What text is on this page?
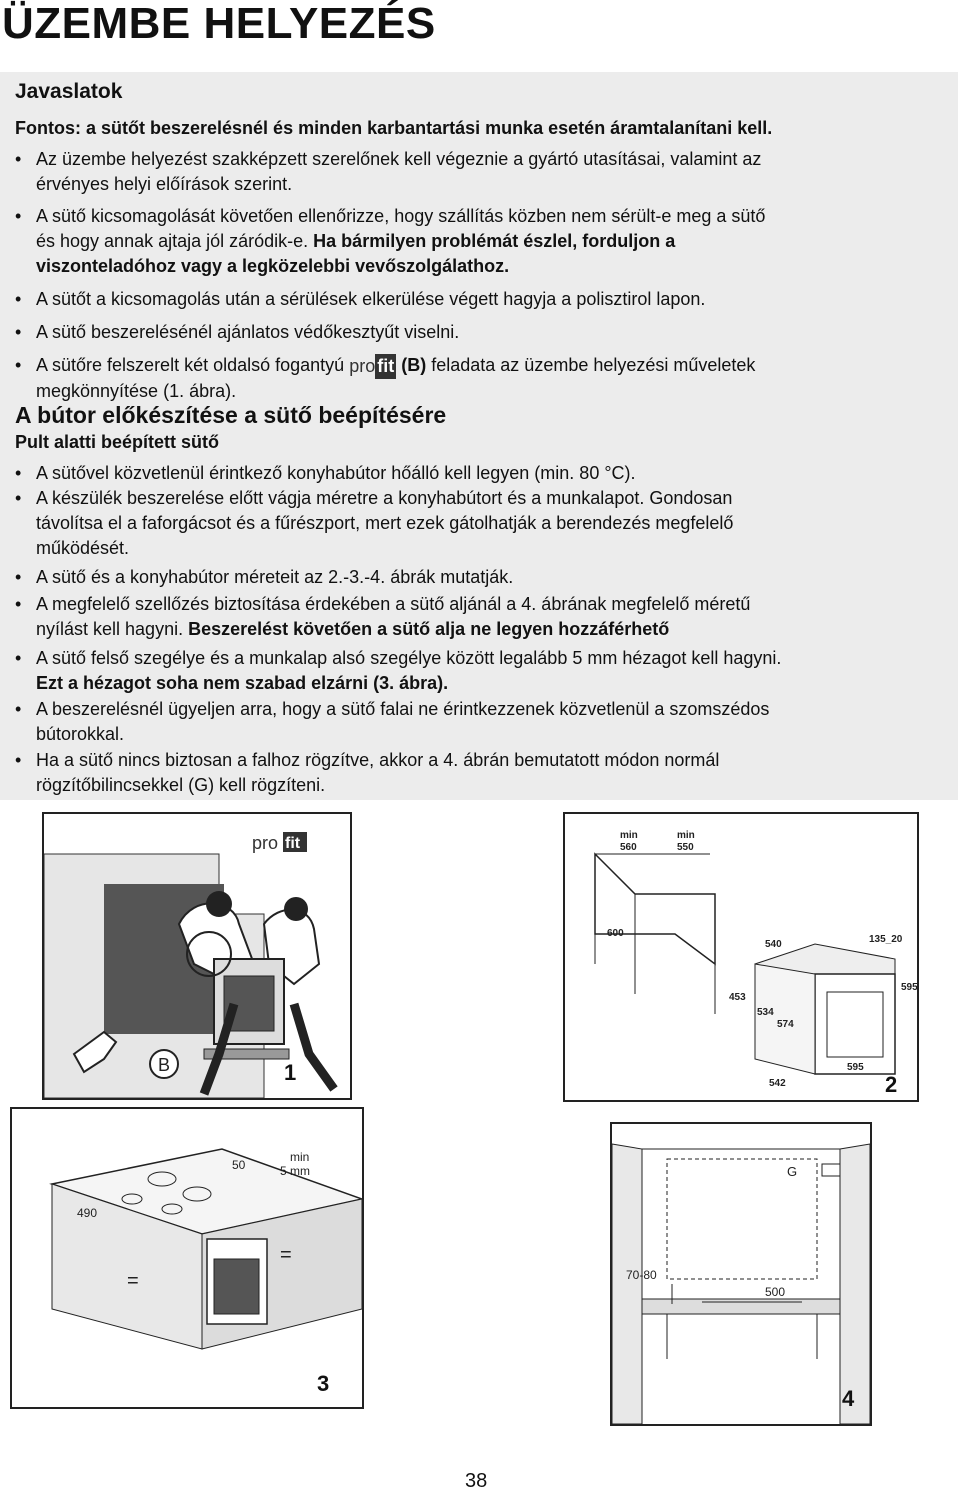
ÜZEMBE HELYEZÉS
Javaslatok
Fontos: a sütőt beszerelésnél és minden karbantartási munka esetén áramtalanítani kell.
• Az üzembe helyezést szakképzett szerelőnek kell végeznie a gyártó utasításai, valamint az
érvényes helyi előírások szerint.
• A sütő kicsomagolását követően ellenőrizze, hogy szállítás közben nem sérült-e meg a sütő
és hogy annak ajtaja jól záródik-e. Ha bármilyen problémát észlel, forduljon a
viszonteladóhoz vagy a legközelebbi vevőszolgálathoz.
• A sütőt a kicsomagolás után a sérülések elkerülése végett hagyja a polisztirol lapon.
• A sütő beszerelésénél ajánlatos védőkesztyűt viselni.
• A sütőre felszerelt két oldalsó fogantyú pro fit (B) feladata az üzembe helyezési műveletek
megkönnyítése (1. ábra).
A bútor előkészítése a sütő beépítésére
Pult alatti beépített sütő
• A sütővel közvetlenül érintkező konyhabútor hőálló kell legyen (min. 80 °C).
• A készülék beszerelése előtt vágja méretre a konyhabútort és a munkalapot. Gondosan
távolítsa el a faforgácsot és a fűrészport, mert ezek gátolhatják a berendezés megfelelő
működését.
• A sütő és a konyhabútor méreteit az 2.-3.-4. ábrák mutatják.
• A megfelelő szellőzés biztosítása érdekében a sütő aljánál a 4. ábrának megfelelő méretű
nyílást kell hagyni. Beszerelést követően a sütő alja ne legyen hozzáférhető
• A sütő felső szegélye és a munkalap alsó szegélye között legalább 5 mm hézagot kell hagyni.
Ezt a hézagot soha nem szabad elzárni (3. ábra).
• A beszerelésnél ügyeljen arra, hogy a sütő falai ne érintkezzenek közvetlenül a szomszédos
bútorokkal.
• Ha a sütő nincs biztosan a falhoz rögzítve, akkor a 4. ábrán bemutatott módon normál
rögzítőbilincsekkel (G) kell rögzíteni.
B
pro fit
1
min
560
min
550
600
540	135_20
453
595
534
574
542
595
2
50
min
5 mm
490
=
=
3
G
70-80
500
4
38
